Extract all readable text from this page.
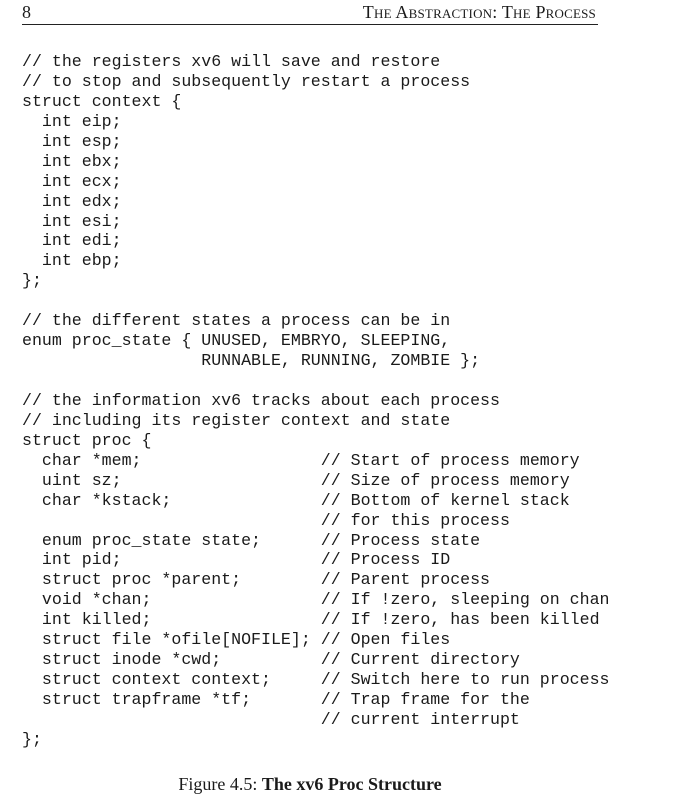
8	The Abstraction: The Process
// the registers xv6 will save and restore
// to stop and subsequently restart a process
struct context {
int eip;
int esp;
int ebx;
int ecx;
int edx;
int esi;
int edi;
int ebp;
};
// the different states a process can be in
enum proc_state { UNUSED, EMBRYO, SLEEPING,
RUNNABLE, RUNNING, ZOMBIE };
// the information xv6 tracks about each process
// including its register context and state
struct proc {
char *mem;                  // Start of process memory
uint sz;                    // Size of process memory
char *kstack;               // Bottom of kernel stack
// for this process
enum proc_state state;      // Process state
int pid;                    // Process ID
struct proc *parent;        // Parent process
void *chan;                 // If !zero, sleeping on chan
int killed;                 // If !zero, has been killed
struct file *ofile[NOFILE]; // Open files
struct inode *cwd;          // Current directory
struct context context;     // Switch here to run process
struct trapframe *tf;       // Trap frame for the
// current interrupt
};
Figure 4.5: The xv6 Proc Structure
